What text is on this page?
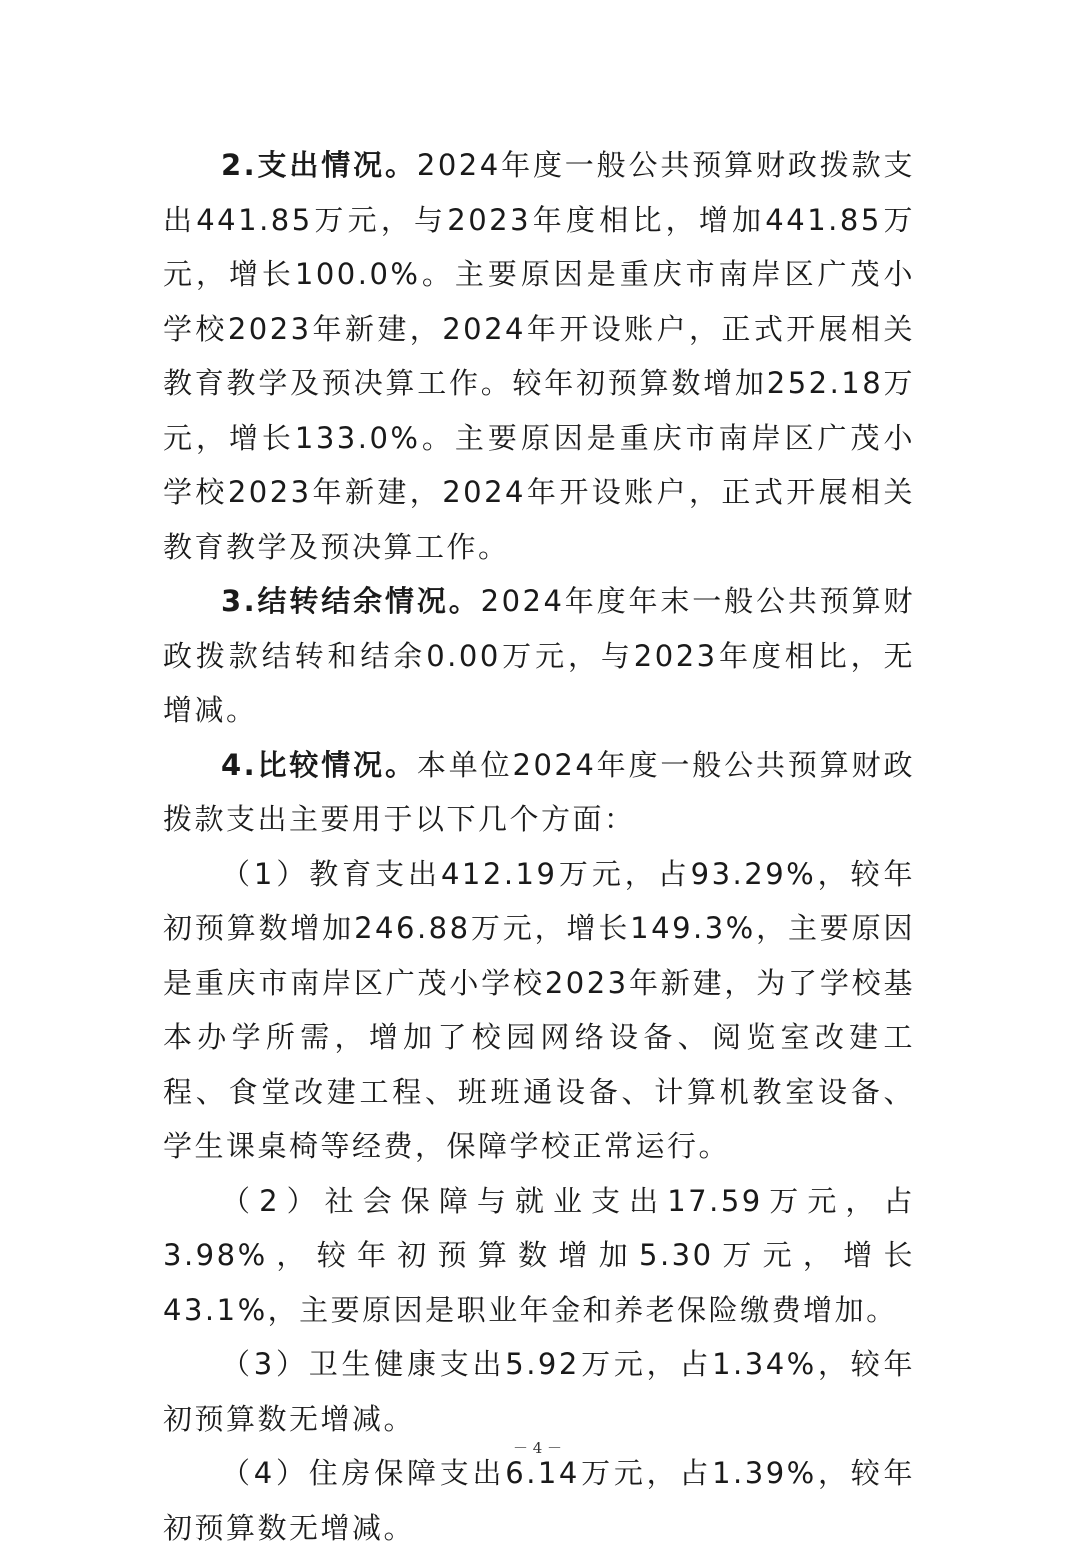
2.支出情况。2024年度一般公共预算财政拨款支出441.85万元，与2023年度相比，增加441.85万元，增长100.0%。主要原因是重庆市南岸区广茂小学校2023年新建，2024年开设账户，正式开展相关教育教学及预决算工作。较年初预算数增加252.18万元，增长133.0%。主要原因是重庆市南岸区广茂小学校2023年新建，2024年开设账户，正式开展相关教育教学及预决算工作。

3.结转结余情况。2024年度年末一般公共预算财政拨款结转和结余0.00万元，与2023年度相比，无增减。

4.比较情况。本单位2024年度一般公共预算财政拨款支出主要用于以下几个方面：

（1）教育支出412.19万元，占93.29%，较年初预算数增加246.88万元，增长149.3%，主要原因是重庆市南岸区广茂小学校2023年新建，为了学校基本办学所需，增加了校园网络设备、阅览室改建工程、食堂改建工程、班班通设备、计算机教室设备、学生课桌椅等经费，保障学校正常运行。

（2）社会保障与就业支出17.59万元，占3.98%，较年初预算数增加5.30万元，增长43.1%，主要原因是职业年金和养老保险缴费增加。

（3）卫生健康支出5.92万元，占1.34%，较年初预算数无增减。

（4）住房保障支出6.14万元，占1.39%，较年初预算数无增减。

－ 4 －
